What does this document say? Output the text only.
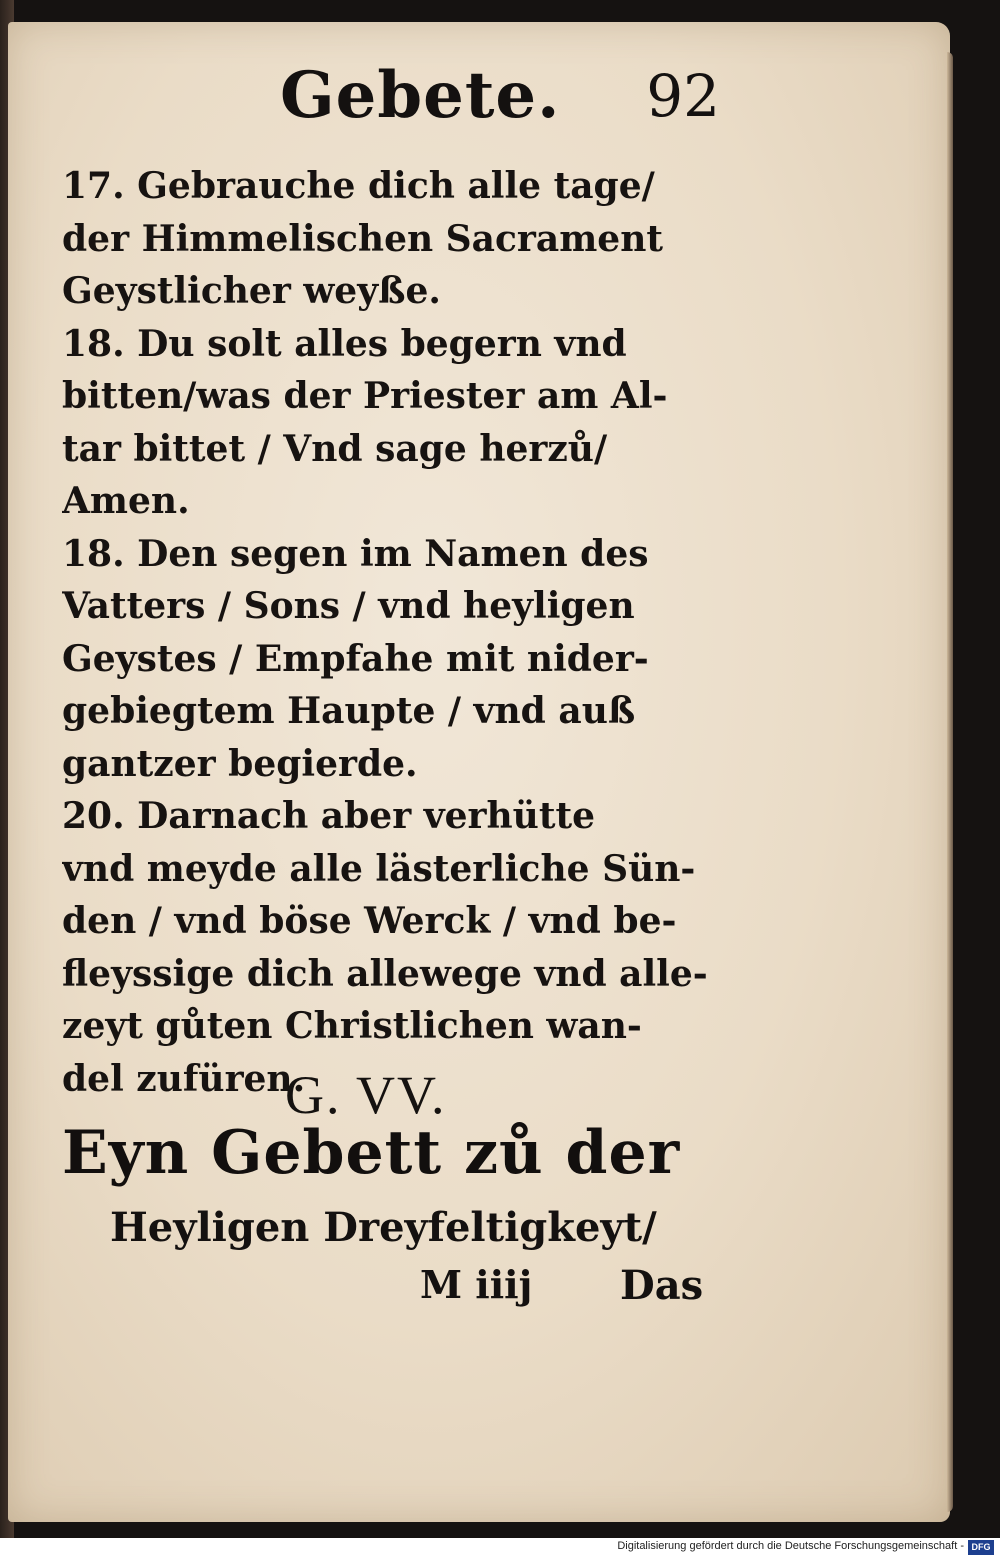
Gebete. 92
17. Gebrauche dich alle tage/
der Himmelischen Sacrament
Geystlicher weyße.
18. Du solt alles begern vnd
bitten/was der Priester am Al-
tar bittet / Vnd sage herzů/
Amen.
18. Den segen im Namen des
Vatters / Sons / vnd heyligen
Geystes / Empfahe mit nider-
gebiegtem Haupte / vnd auß
gantzer begierde.
20. Darnach aber verhütte
vnd meyde alle lästerliche Sün-
den / vnd böse Werck / vnd be-
fleyssige dich allewege vnd alle-
zeyt gůten Christlichen wan-
del zufüren.
G. VV.
Eyn Gebett zů der
Heyligen Dreyfeltigkeyt/
M iiij Das
Digitalisierung gefördert durch die Deutsche Forschungsgemeinschaft - DFG
